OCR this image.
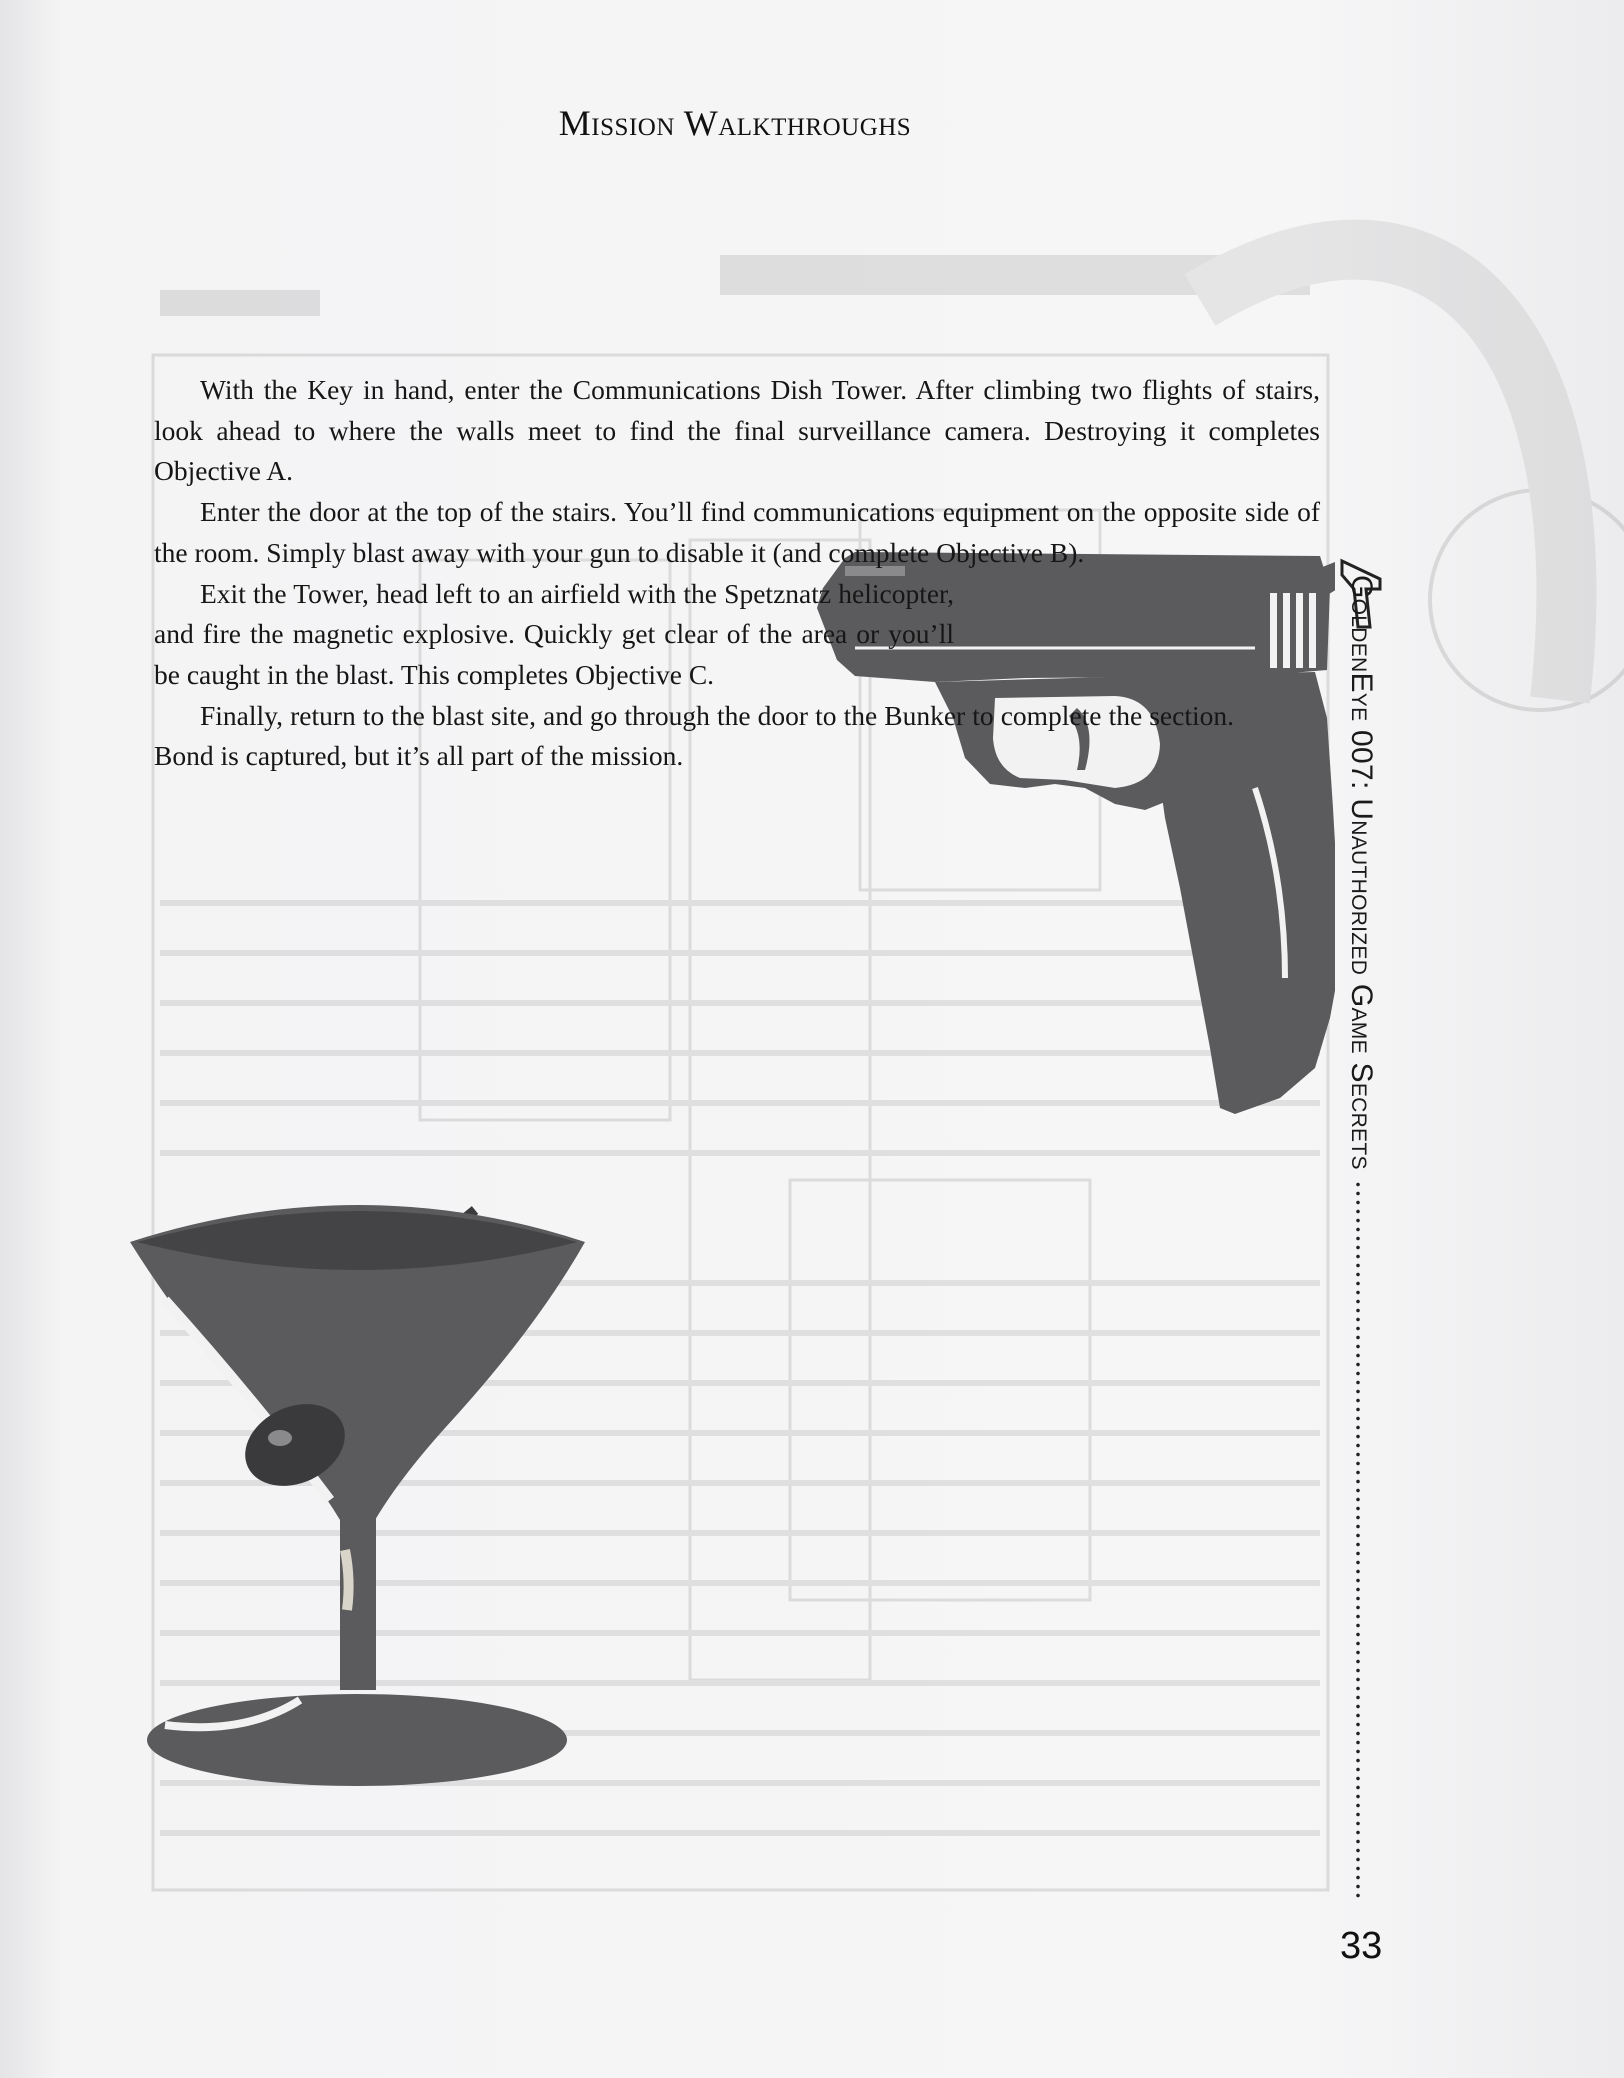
Mission Walkthroughs

With the Key in hand, enter the Communications Dish Tower. After climbing two flights of stairs, look ahead to where the walls meet to find the final surveillance camera. Destroying it completes Objective A.

Enter the door at the top of the stairs. You’ll find communications equipment on the opposite side of the room. Simply blast away with your gun to disable it (and complete Objective B).

Exit the Tower, head left to an airfield with the Spetznatz helicopter, and fire the magnetic explosive. Quickly get clear of the area or you’ll be caught in the blast. This completes Objective C.

Finally, return to the blast site, and go through the door to the Bunker to complete the section. Bond is captured, but it’s all part of the mission.	GoldenEye 007: Unauthorized Game Secrets
33
